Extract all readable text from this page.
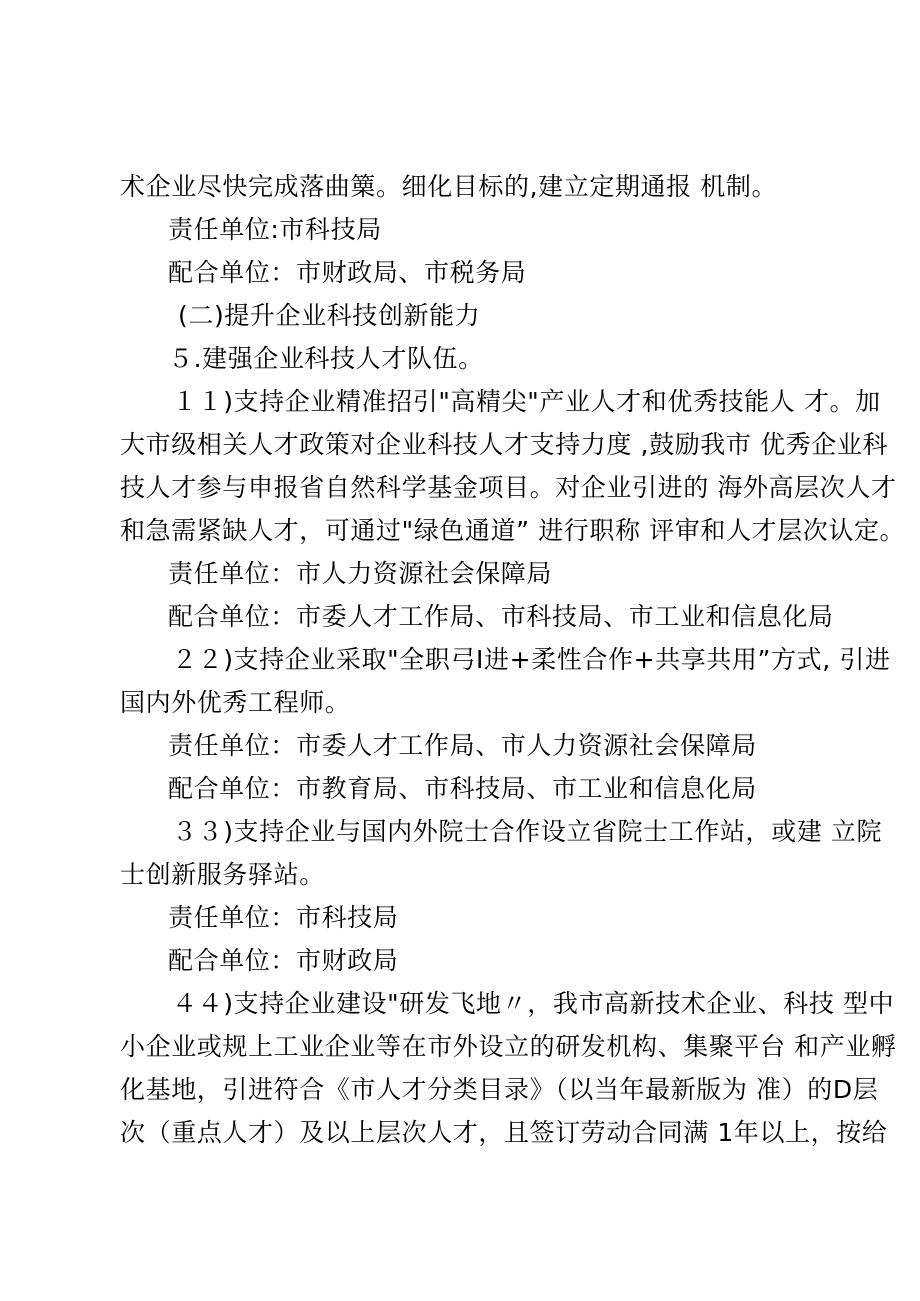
术企业尽快完成落曲篥。细化目标的,建立定期通报 机制。
责任单位:市科技局
配合单位：市财政局、市税务局
(二)提升企业科技创新能力
５.建强企业科技人才队伍。
１１)支持企业精准招引"高精尖"产业人才和优秀技能人 才。加
大市级相关人才政策对企业科技人才支持力度 ,鼓励我市 优秀企业科
技人才参与申报省自然科学基金项目。对企业引进的 海外高层次人才
和急需紧缺人才，可通过"绿色通道” 进行职称 评审和人才层次认定。
责任单位：市人力资源社会保障局
配合单位：市委人才工作局、市科技局、市工业和信息化局
２２)支持企业采取"全职弓I进+柔性合作+共享共用”方式, 引进
国内外优秀工程师。
责任单位：市委人才工作局、市人力资源社会保障局
配合单位：市教育局、市科技局、市工业和信息化局
３３)支持企业与国内外院士合作设立省院士工作站，或建 立院
士创新服务驿站。
责任单位：市科技局
配合单位：市财政局
４４)支持企业建设"研发飞地〃，我市高新技术企业、科技 型中
小企业或规上工业企业等在市外设立的研发机构、集聚平台 和产业孵
化基地，引进符合《市人才分类目录》（以当年最新版为 准）的D层
次（重点人才）及以上层次人才，且签订劳动合同满 1年以上，按给
